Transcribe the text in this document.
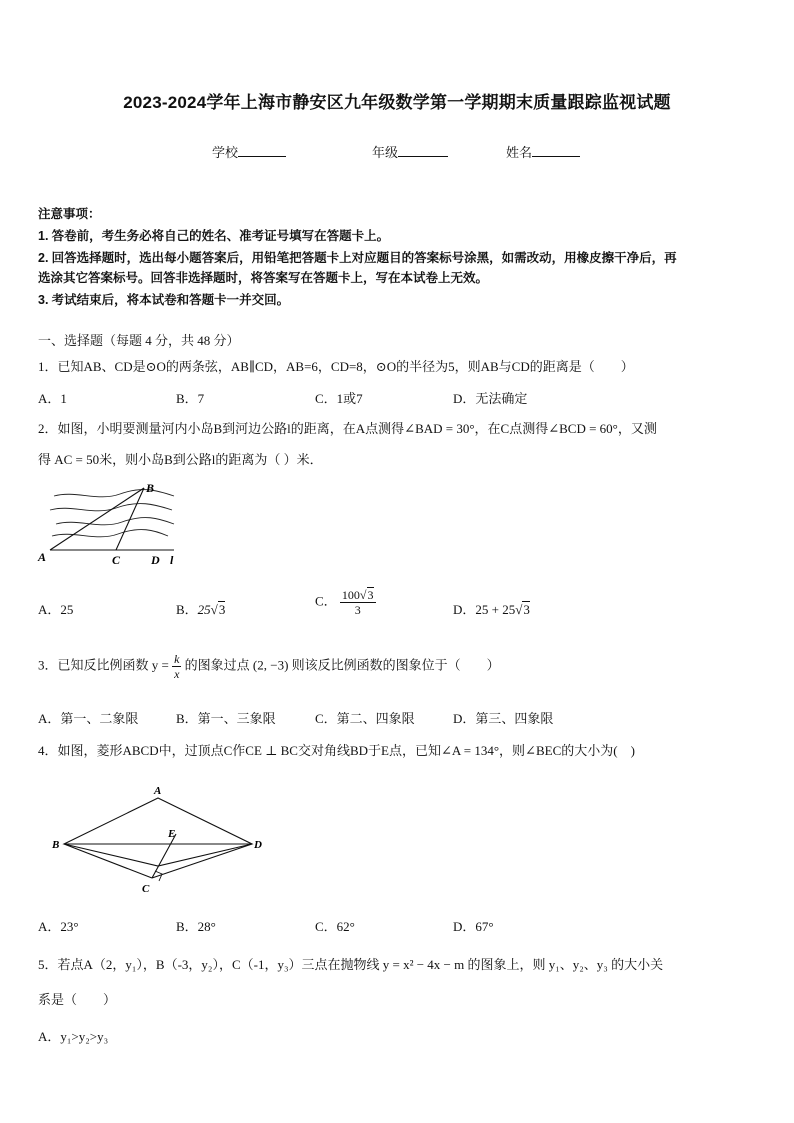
2023-2024学年上海市静安区九年级数学第一学期期末质量跟踪监视试题
学校	年级	姓名
注意事项：
1. 答卷前，考生务必将自己的姓名、准考证号填写在答题卡上。
2. 回答选择题时，选出每小题答案后，用铅笔把答题卡上对应题目的答案标号涂黑，如需改动，用橡皮擦干净后，再
选涂其它答案标号。回答非选择题时，将答案写在答题卡上，写在本试卷上无效。
3. 考试结束后，将本试卷和答题卡一并交回。
一、选择题（每题 4 分，共 48 分）
1．已知AB、CD是⊙O的两条弦，AB∥CD，AB=6，CD=8，⊙O的半径为5，则AB与CD的距离是（　　）
A．1	B．7	C．1或7	D．无法确定
2．如图，小明要测量河内小岛B到河边公路l的距离，在A点测得∠BAD = 30°，在C点测得∠BCD = 60°，又测
得 AC = 50米，则小岛B到公路l的距离为（ ）米．
A
B
C	D l
A．25	B．25√3
C． $\frac{100√3}{3}$	D．25 + 25√3
3．已知反比例函数 $y = \frac{k}{x}$ 的图象过点 (2, −3) 则该反比例函数的图象位于（　　）
A．第一、二象限	B．第一、三象限	C．第二、四象限	D．第三、四象限
4．如图，菱形ABCD中，过顶点C作CE ⊥ BC交对角线BD于E点，已知∠A = 134°，则∠BEC的大小为(　)
A
B
C
D
E
A．23°	B．28°	C．62°	D．67°
5．若点A（2，y₁），B（-3，y₂），C（-1，y₃）三点在抛物线 y = x² − 4x − m 的图象上，则 y₁、y₂、y₃ 的大小关
系是（　　）
A．y₁>y₂>y₃
